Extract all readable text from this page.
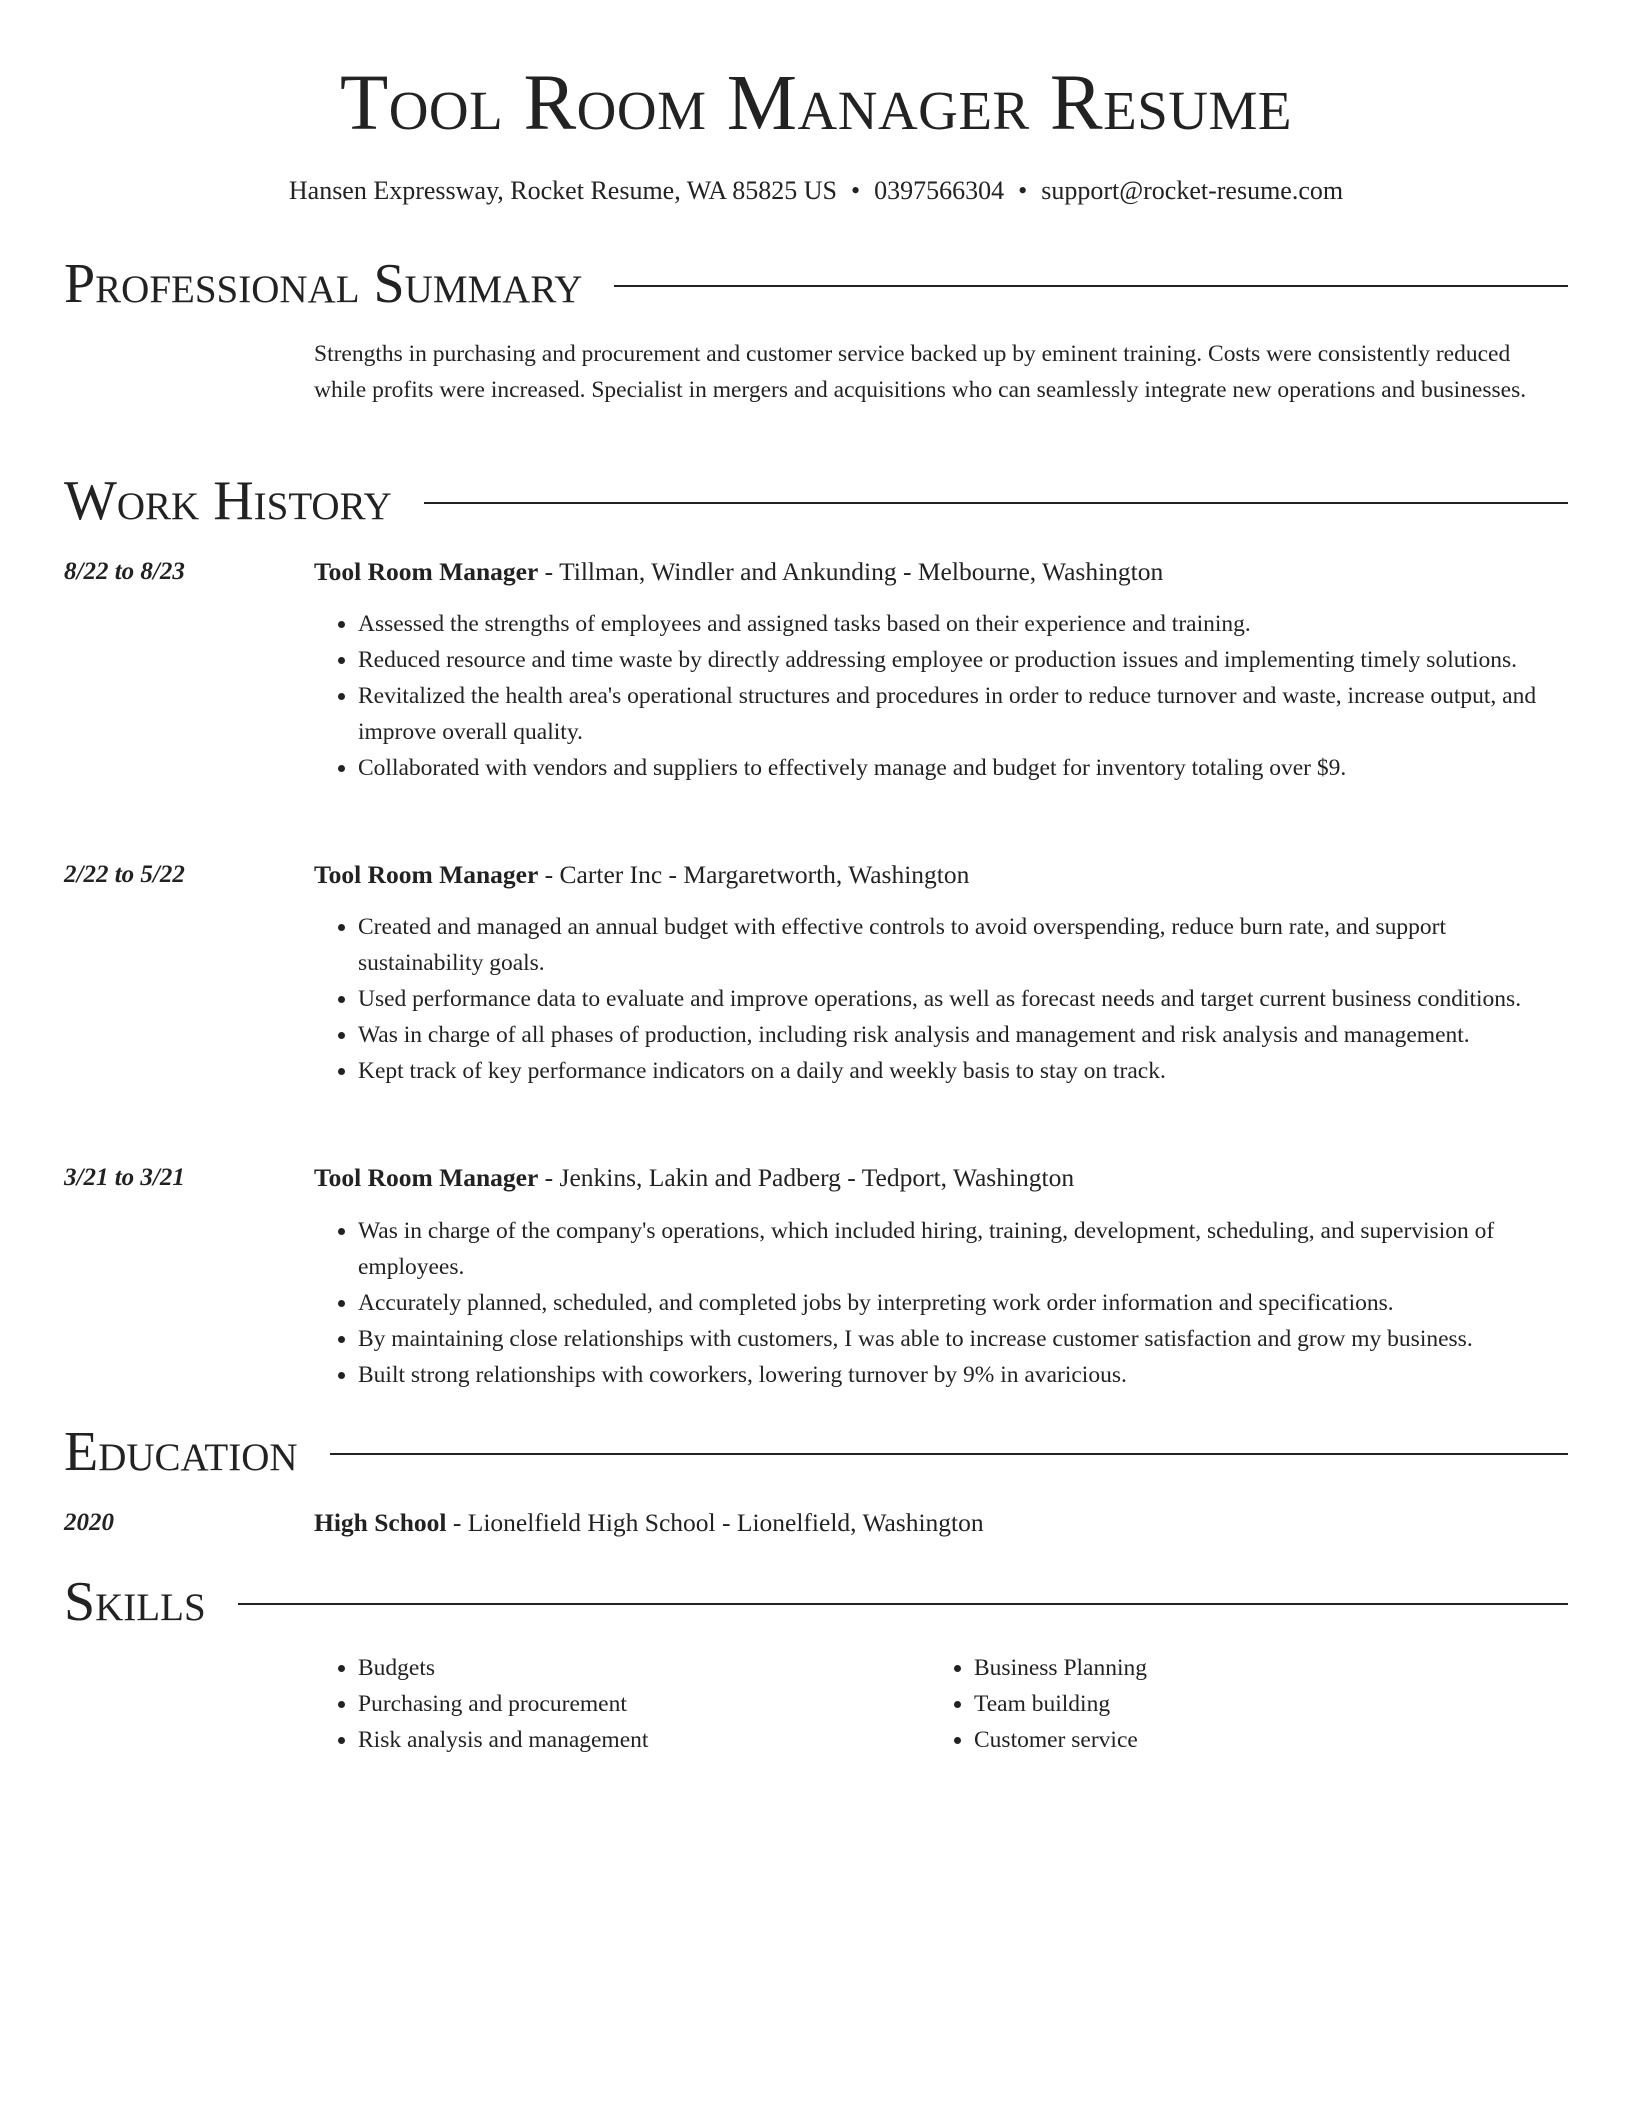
Tool Room Manager Resume
Hansen Expressway, Rocket Resume, WA 85825 US • 0397566304 • support@rocket-resume.com
Professional Summary
Strengths in purchasing and procurement and customer service backed up by eminent training. Costs were consistently reduced while profits were increased. Specialist in mergers and acquisitions who can seamlessly integrate new operations and businesses.
Work History
8/22 to 8/23	Tool Room Manager - Tillman, Windler and Ankunding - Melbourne, Washington
• Assessed the strengths of employees and assigned tasks based on their experience and training.
• Reduced resource and time waste by directly addressing employee or production issues and implementing timely solutions.
• Revitalized the health area's operational structures and procedures in order to reduce turnover and waste, increase output, and improve overall quality.
• Collaborated with vendors and suppliers to effectively manage and budget for inventory totaling over $9.
2/22 to 5/22	Tool Room Manager - Carter Inc - Margaretworth, Washington
• Created and managed an annual budget with effective controls to avoid overspending, reduce burn rate, and support sustainability goals.
• Used performance data to evaluate and improve operations, as well as forecast needs and target current business conditions.
• Was in charge of all phases of production, including risk analysis and management and risk analysis and management.
• Kept track of key performance indicators on a daily and weekly basis to stay on track.
3/21 to 3/21	Tool Room Manager - Jenkins, Lakin and Padberg - Tedport, Washington
• Was in charge of the company's operations, which included hiring, training, development, scheduling, and supervision of employees.
• Accurately planned, scheduled, and completed jobs by interpreting work order information and specifications.
• By maintaining close relationships with customers, I was able to increase customer satisfaction and grow my business.
• Built strong relationships with coworkers, lowering turnover by 9% in avaricious.
Education
2020	High School - Lionelfield High School - Lionelfield, Washington
Skills
• Budgets
• Purchasing and procurement
• Risk analysis and management
• Business Planning
• Team building
• Customer service
